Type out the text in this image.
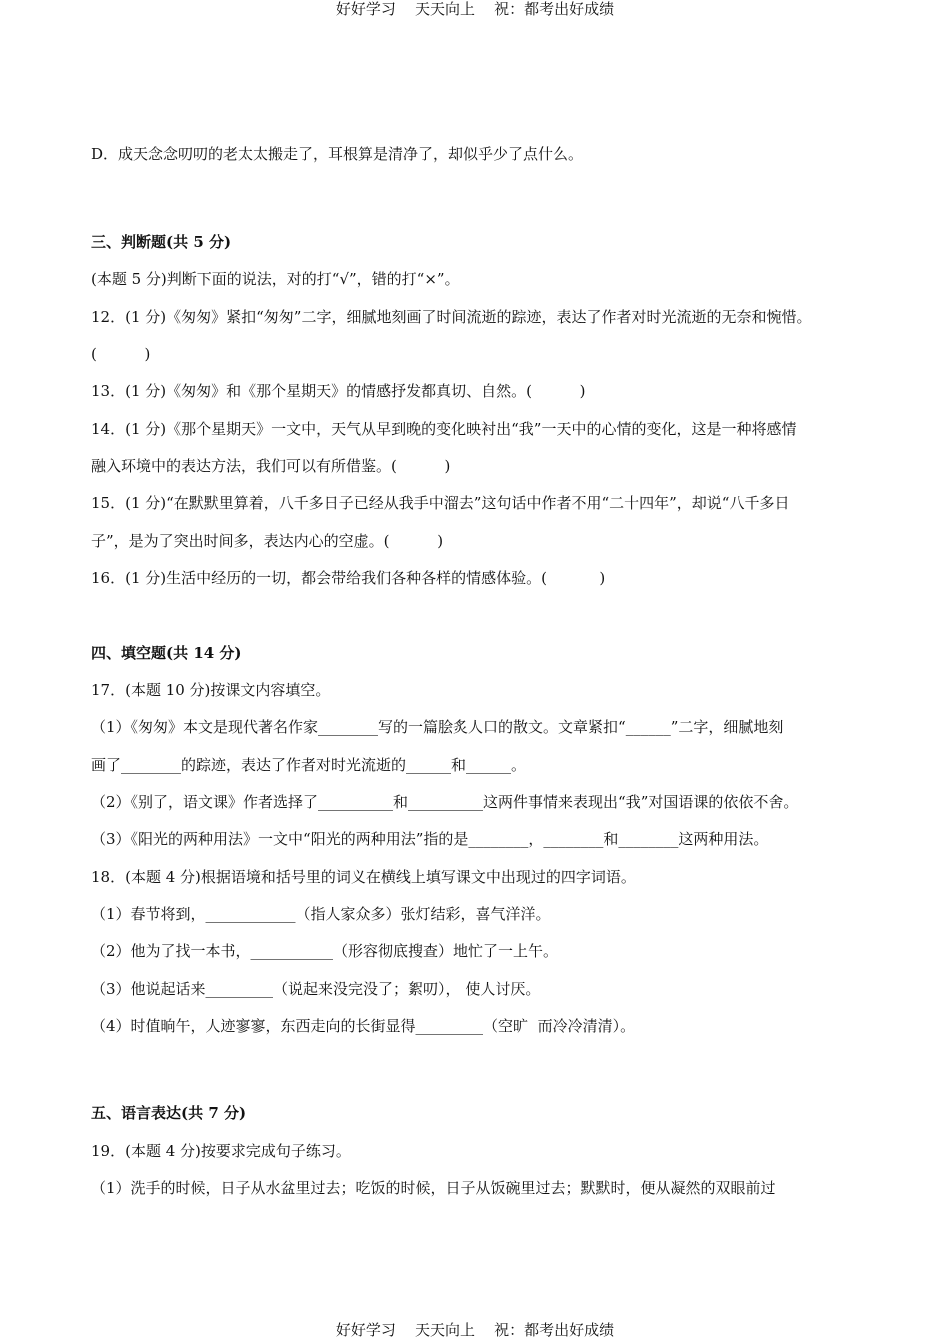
好好学习    天天向上    祝：都考出好成绩
D．成天念念叨叨的老太太搬走了，耳根算是清净了，却似乎少了点什么。
三、判断题(共 5 分)
(本题 5 分)判断下面的说法，对的打“√”，错的打“×”。
12．(1 分)《匆匆》紧扣“匆匆”二字，细腻地刻画了时间流逝的踪迹，表达了作者对时光流逝的无奈和惋惜。
(          )
13．(1 分)《匆匆》和《那个星期天》的情感抒发都真切、自然。(          )
14．(1 分)《那个星期天》一文中，天气从早到晚的变化映衬出“我”一天中的心情的变化，这是一种将感情
融入环境中的表达方法，我们可以有所借鉴。(          )
15．(1 分)“在默默里算着，八千多日子已经从我手中溜去”这句话中作者不用“二十四年”，却说“八千多日
子”，是为了突出时间多，表达内心的空虚。(          )
16．(1 分)生活中经历的一切，都会带给我们各种各样的情感体验。(           )
四、填空题(共 14 分)
17．(本题 10 分)按课文内容填空。
（1）《匆匆》本文是现代著名作家________写的一篇脍炙人口的散文。文章紧扣“______”二字，细腻地刻
画了________的踪迹，表达了作者对时光流逝的______和______。
（2）《别了，语文课》作者选择了__________和__________这两件事情来表现出“我”对国语课的依依不舍。
（3）《阳光的两种用法》一文中“阳光的两种用法”指的是________，________和________这两种用法。
18．(本题 4 分)根据语境和括号里的词义在横线上填写课文中出现过的四字词语。
（1）春节将到，____________（指人家众多）张灯结彩，喜气洋洋。
（2）他为了找一本书，___________（形容彻底搜查）地忙了一上午。
（3）他说起话来_________（说起来没完没了；絮叨）， 使人讨厌。
（4）时值晌午，人迹寥寥，东西走向的长街显得_________（空旷  而冷冷清清）。
五、语言表达(共 7 分)
19．(本题 4 分)按要求完成句子练习。
（1）洗手的时候，日子从水盆里过去；吃饭的时候，日子从饭碗里过去；默默时，便从凝然的双眼前过
好好学习    天天向上    祝：都考出好成绩
